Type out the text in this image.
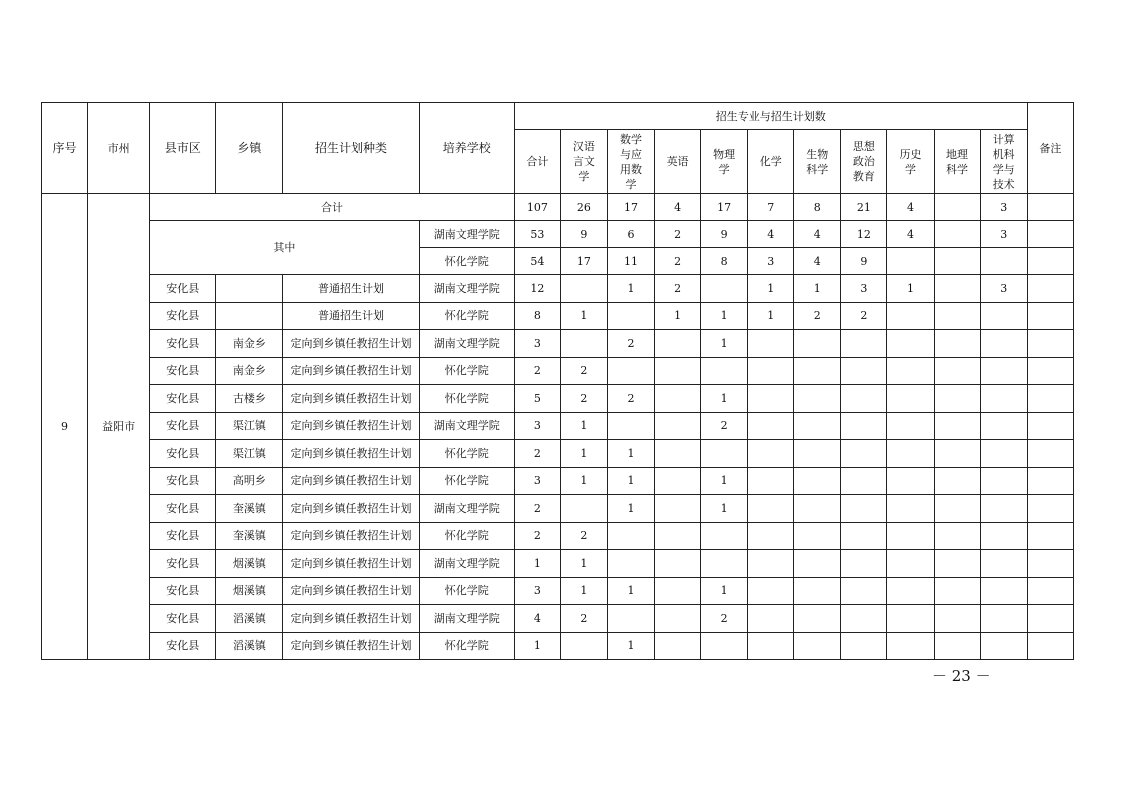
序号	市州	县市区	乡镇	招生计划种类	培养学校	招生专业与招生计划数											备注
						合计	汉语言文学	数学与应用数学	英语	物理学	化学	生物科学	思想政治教育	历史学	地理科学	计算机科学与技术	
9	益阳市	合计				107	26	17	4	17	7	8	21	4		3	
		其中			湖南文理学院	53	9	6	2	9	4	4	12	4		3	
					怀化学院	54	17	11	2	8	3	4	9				
		安化县		普通招生计划	湖南文理学院	12		1	2		1	1	3	1		3	
		安化县		普通招生计划	怀化学院	8	1		1	1	1	2	2				
		安化县	南金乡	定向到乡镇任教招生计划	湖南文理学院	3		2		1							
		安化县	南金乡	定向到乡镇任教招生计划	怀化学院	2	2										
		安化县	古楼乡	定向到乡镇任教招生计划	怀化学院	5	2	2		1							
		安化县	渠江镇	定向到乡镇任教招生计划	湖南文理学院	3	1			2							
		安化县	渠江镇	定向到乡镇任教招生计划	怀化学院	2	1	1									
		安化县	高明乡	定向到乡镇任教招生计划	怀化学院	3	1	1		1							
		安化县	奎溪镇	定向到乡镇任教招生计划	湖南文理学院	2		1		1							
		安化县	奎溪镇	定向到乡镇任教招生计划	怀化学院	2	2										
		安化县	烟溪镇	定向到乡镇任教招生计划	湖南文理学院	1	1										
		安化县	烟溪镇	定向到乡镇任教招生计划	怀化学院	3	1	1		1							
		安化县	滔溪镇	定向到乡镇任教招生计划	湖南文理学院	4	2			2							
		安化县	滔溪镇	定向到乡镇任教招生计划	怀化学院	1		1									
－ 23 －
